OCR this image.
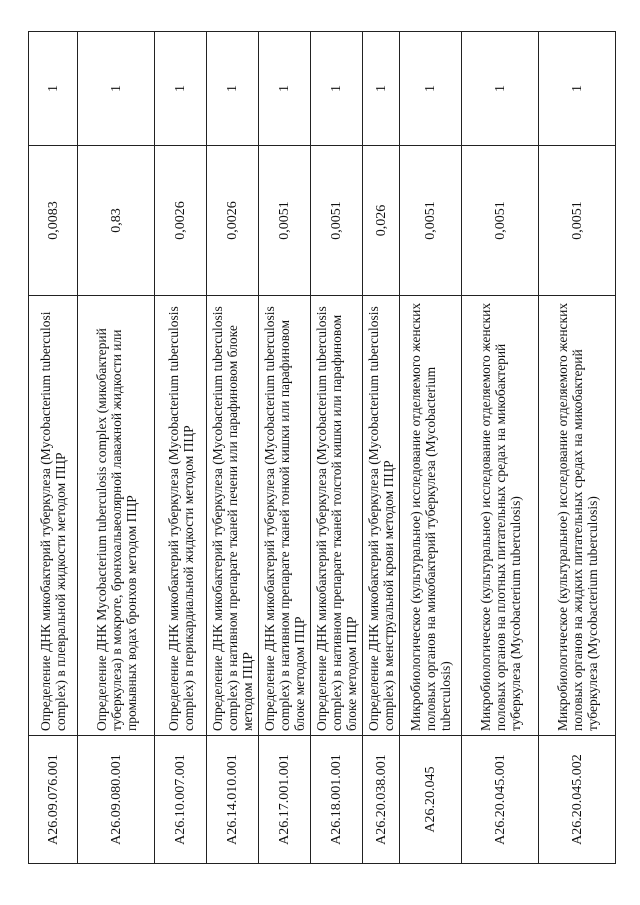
A26.09.076.001	Определение ДНК микобактерий туберкулеза (Mycobacterium tuberculosi complex) в плевральной жидкости методом ПЦР	0,0083	1
A26.09.080.001	Определение ДНК Mycobacterium tuberculosis complex (микобактерий туберкулеза) в мокроте, бронхоальвеолярной лаважной жидкости или промывных водах бронхов методом ПЦР	0,83	1
A26.10.007.001	Определение ДНК микобактерий туберкулеза (Mycobacterium tuberculosis complex) в перикардиальной жидкости методом ПЦР	0,0026	1
A26.14.010.001	Определение ДНК микобактерий туберкулеза (Mycobacterium tuberculosis complex) в нативном препарате тканей печени или парафиновом блоке методом ПЦР	0,0026	1
A26.17.001.001	Определение ДНК микобактерий туберкулеза (Mycobacterium tuberculosis complex) в нативном препарате тканей тонкой кишки или парафиновом блоке методом ПЦР	0,0051	1
A26.18.001.001	Определение ДНК микобактерий туберкулеза (Mycobacterium tuberculosis complex) в нативном препарате тканей толстой кишки или парафиновом блоке методом ПЦР	0,0051	1
A26.20.038.001	Определение ДНК микобактерий туберкулеза (Mycobacterium tuberculosis complex) в менструальной крови методом ПЦР	0,026	1
A26.20.045	Микробиологическое (культуральное) исследование отделяемого женских половых органов на микобактерий туберкулеза (Mycobacterium tuberculosis)	0,0051	1
A26.20.045.001	Микробиологическое (культуральное) исследование отделяемого женских половых органов на плотных питательных средах на микобактерий туберкулеза (Mycobacterium tuberculosis)	0,0051	1
A26.20.045.002	Микробиологическое (культуральное) исследование отделяемого женских половых органов на жидких питательных средах на микобактерий туберкулеза (Mycobacterium tuberculosis)	0,0051	1
